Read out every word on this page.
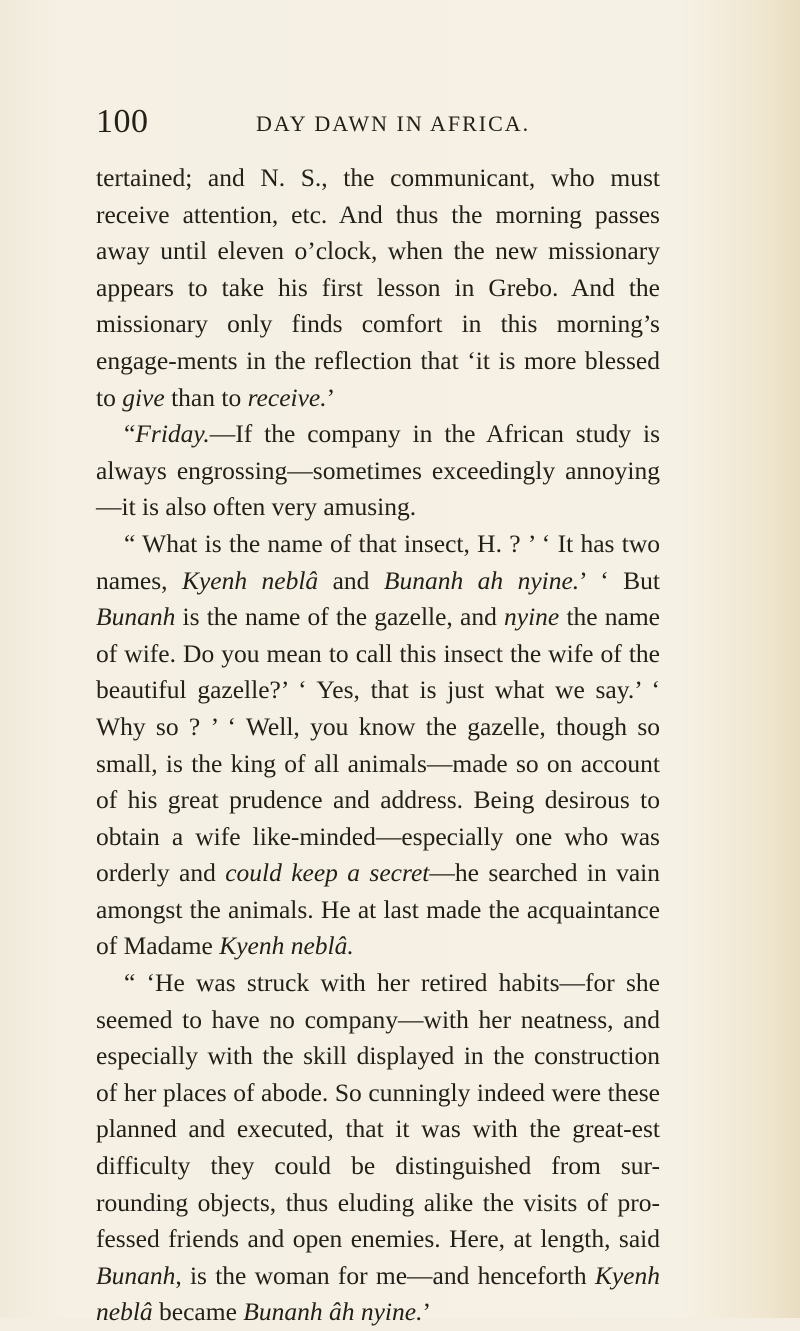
100	DAY DAWN IN AFRICA.

tertained; and N. S., the communicant, who must receive attention, etc. And thus the morning passes away until eleven o’clock, when the new missionary appears to take his first lesson in Grebo. And the missionary only finds comfort in this morning’s engage-ments in the reflection that ‘it is more blessed to give than to receive.’

“Friday.—If the company in the African study is always engrossing—sometimes exceedingly annoying—it is also often very amusing.

“ What is the name of that insect, H. ? ’ ‘ It has two names, Kyenh neblâ and Bunanh ah nyine.’ ‘ But Bunanh is the name of the gazelle, and nyine the name of wife. Do you mean to call this insect the wife of the beautiful gazelle?’ ‘ Yes, that is just what we say.’ ‘ Why so ? ’ ‘ Well, you know the gazelle, though so small, is the king of all animals—made so on account of his great prudence and address. Being desirous to obtain a wife like-minded—especially one who was orderly and could keep a secret—he searched in vain amongst the animals. He at last made the acquaintance of Madame Kyenh neblâ.

“ ‘He was struck with her retired habits—for she seemed to have no company—with her neatness, and especially with the skill displayed in the construction of her places of abode. So cunningly indeed were these planned and executed, that it was with the great-est difficulty they could be distinguished from sur-rounding objects, thus eluding alike the visits of pro-fessed friends and open enemies. Here, at length, said Bunanh, is the woman for me—and henceforth Kyenh neblâ became Bunanh âh nyine.’
